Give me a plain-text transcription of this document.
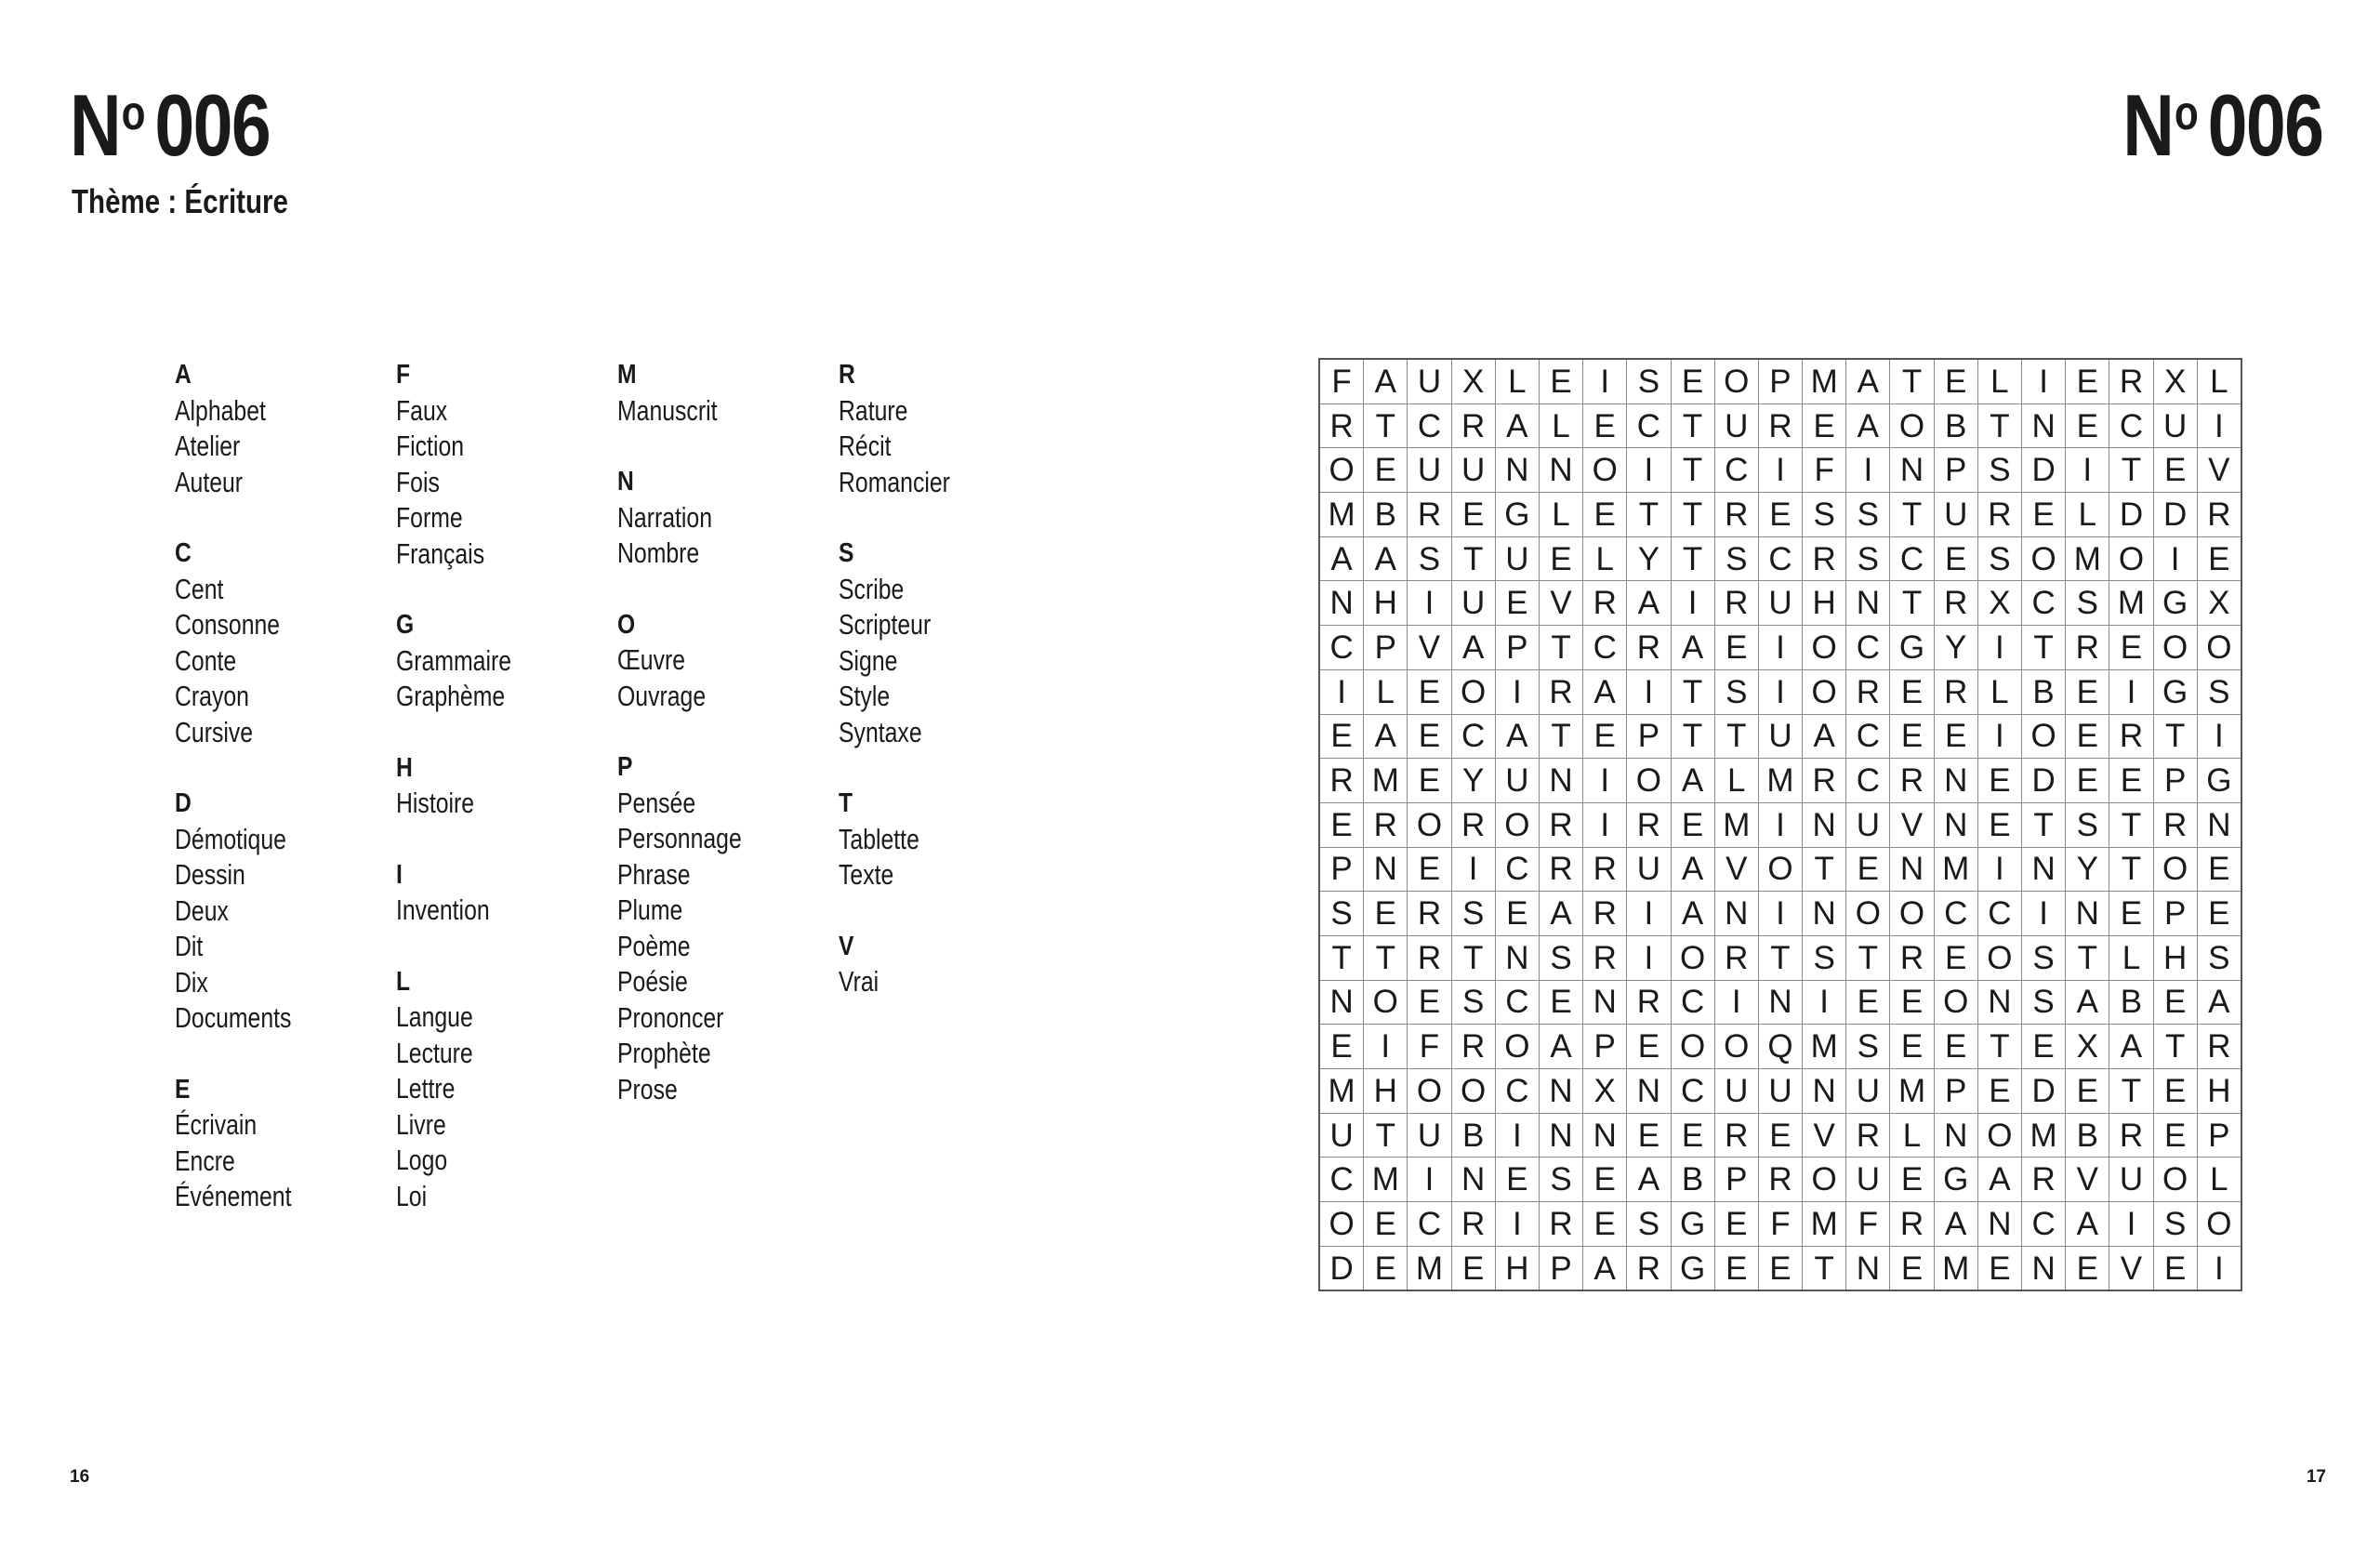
$N^o$ 006
Thème : Écriture
$N^o$ 006
A
Alphabet
Atelier
Auteur
C
Cent
Consonne
Conte
Crayon
Cursive
D
Démotique
Dessin
Deux
Dit
Dix
Documents
E
Écrivain
Encre
Événement
F
Faux
Fiction
Fois
Forme
Français
G
Grammaire
Graphème
H
Histoire
I
Invention
L
Langue
Lecture
Lettre
Livre
Logo
Loi
M
Manuscrit
N
Narration
Nombre
O
Œuvre
Ouvrage
P
Pensée
Personnage
Phrase
Plume
Poème
Poésie
Prononcer
Prophète
Prose
R
Rature
Récit
Romancier
S
Scribe
Scripteur
Signe
Style
Syntaxe
T
Tablette
Texte
V
Vrai
F	A	U	X	L	E	I	S	E	O	P	M	A	T	E	L	I	E	R	X	L
R	T	C	R	A	L	E	C	T	U	R	E	A	O	B	T	N	E	C	U	I
O	E	U	U	N	N	O	I	T	C	I	F	I	N	P	S	D	I	T	E	V
M	B	R	E	G	L	E	T	T	R	E	S	S	T	U	R	E	L	D	D	R
A	A	S	T	U	E	L	Y	T	S	C	R	S	C	E	S	O	M	O	I	E
N	H	I	U	E	V	R	A	I	R	U	H	N	T	R	X	C	S	M	G	X
C	P	V	A	P	T	C	R	A	E	I	O	C	G	Y	I	T	R	E	O	O
I	L	E	O	I	R	A	I	T	S	I	O	R	E	R	L	B	E	I	G	S
E	A	E	C	A	T	E	P	T	T	U	A	C	E	E	I	O	E	R	T	I
R	M	E	Y	U	N	I	O	A	L	M	R	C	R	N	E	D	E	E	P	G
E	R	O	R	O	R	I	R	E	M	I	N	U	V	N	E	T	S	T	R	N
P	N	E	I	C	R	R	U	A	V	O	T	E	N	M	I	N	Y	T	O	E
S	E	R	S	E	A	R	I	A	N	I	N	O	O	C	C	I	N	E	P	E
T	T	R	T	N	S	R	I	O	R	T	S	T	R	E	O	S	T	L	H	S
N	O	E	S	C	E	N	R	C	I	N	I	E	E	O	N	S	A	B	E	A
E	I	F	R	O	A	P	E	O	O	Q	M	S	E	E	T	E	X	A	T	R
M	H	O	O	C	N	X	N	C	U	U	N	U	M	P	E	D	E	T	E	H
U	T	U	B	I	N	N	E	E	R	E	V	R	L	N	O	M	B	R	E	P
C	M	I	N	E	S	E	A	B	P	R	O	U	E	G	A	R	V	U	O	L
O	E	C	R	I	R	E	S	G	E	F	M	F	R	A	N	C	A	I	S	O
D	E	M	E	H	P	A	R	G	E	E	T	N	E	M	E	N	E	V	E	I
16	17
